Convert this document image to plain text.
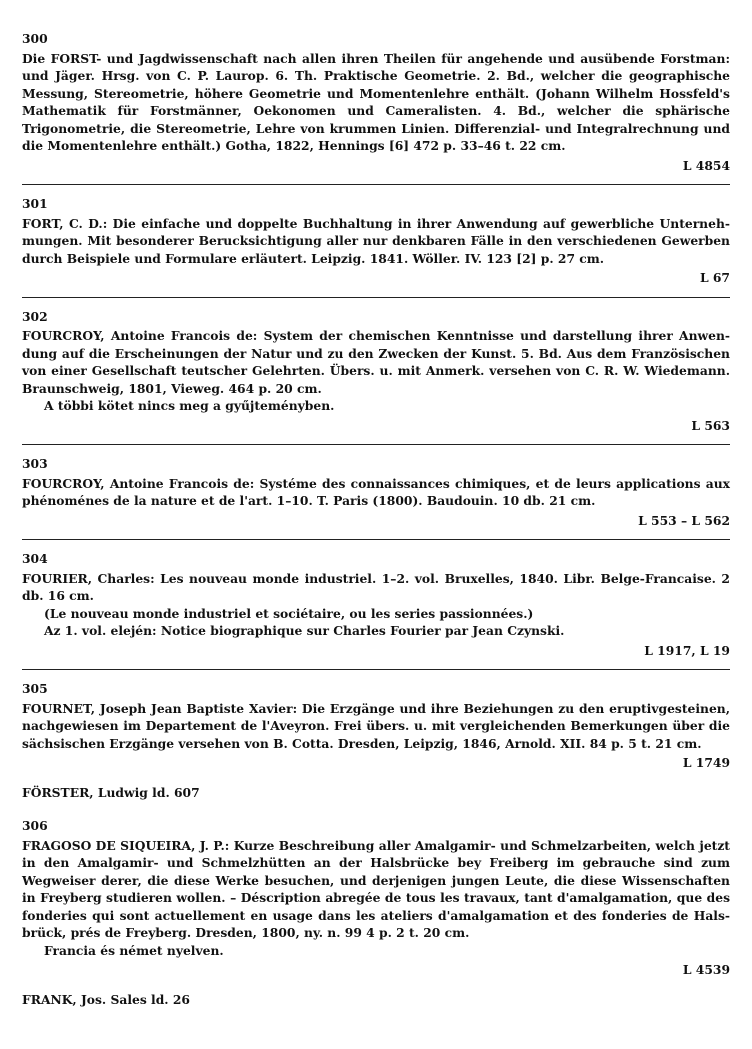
300
Die FORST- und Jagdwissenschaft nach allen ihren Theilen für angehende und ausübende Forstman: und Jäger. Hrsg. von C. P. Laurop. 6. Th. Praktische Geometrie. 2. Bd., welcher die geographische Messung, Stereometrie, höhere Geometrie und Momentenlehre enthält. (Johann Wilhelm Hossfeld's Mathematik für Forstmänner, Oekonomen und Cameralisten. 4. Bd., welcher die sphärische Trigonometrie, die Stereometrie, Lehre von krummen Linien. Differenzial- und Integralrechnung und die Momentenlehre enthält.) Gotha, 1822, Hennings [6] 472 p. 33–46 t. 22 cm.
L 4854
301
FORT, C. D.: Die einfache und doppelte Buchhaltung in ihrer Anwendung auf gewerbliche Unternehmungen. Mit besonderer Berucksichtigung aller nur denkbaren Fälle in den verschiedenen Gewerben durch Beispiele und Formulare erläutert. Leipzig. 1841. Wöller. IV. 123 [2] p. 27 cm.
L 67
302
FOURCROY, Antoine Francois de: System der chemischen Kenntnisse und darstellung ihrer Anwendung auf die Erscheinungen der Natur und zu den Zwecken der Kunst. 5. Bd. Aus dem Französischen von einer Gesellschaft teutscher Gelehrten. Übers. u. mit Anmerk. versehen von C. R. W. Wiedemann. Braunschweig, 1801, Vieweg. 464 p. 20 cm.
A többi kötet nincs meg a gyűjteményben.
L 563
303
FOURCROY, Antoine Francois de: Systéme des connaissances chimiques, et de leurs applications aux phénoménes de la nature et de l'art. 1–10. T. Paris (1800). Baudouin. 10 db. 21 cm.
L 553 – L 562
304
FOURIER, Charles: Les nouveau monde industriel. 1–2. vol. Bruxelles, 1840. Libr. Belge-Francaise. 2 db. 16 cm.
(Le nouveau monde industriel et sociétaire, ou les series passionnées.)
Az 1. vol. elején: Notice biographique sur Charles Fourier par Jean Czynski.
L 1917, L 19
305
FOURNET, Joseph Jean Baptiste Xavier: Die Erzgänge und ihre Beziehungen zu den eruptivgesteinen, nachgewiesen im Departement de l'Aveyron. Frei übers. u. mit vergleichenden Bemerkungen über die sächsischen Erzgänge versehen von B. Cotta. Dresden, Leipzig, 1846, Arnold. XII. 84 p. 5 t. 21 cm.
L 1749
FÖRSTER, Ludwig ld. 607
306
FRAGOSO DE SIQUEIRA, J. P.: Kurze Beschreibung aller Amalgamir- und Schmelzarbeiten, welch jetzt in den Amalgamir- und Schmelzhütten an der Halsbrücke bey Freiberg im gebrauche sind zum Wegweiser derer, die diese Werke besuchen, und derjenigen jungen Leute, die diese Wissenschaften in Freyberg studieren wollen. – Déscription abregée de tous les travaux, tant d'amalgamation, que des fonderies qui sont actuellement en usage dans les ateliers d'amalgamation et des fonderies de Halsbrück, prés de Freyberg. Dresden, 1800, ny. n. 99 4 p. 2 t. 20 cm.
Francia és német nyelven.
L 4539
FRANK, Jos. Sales ld. 26
